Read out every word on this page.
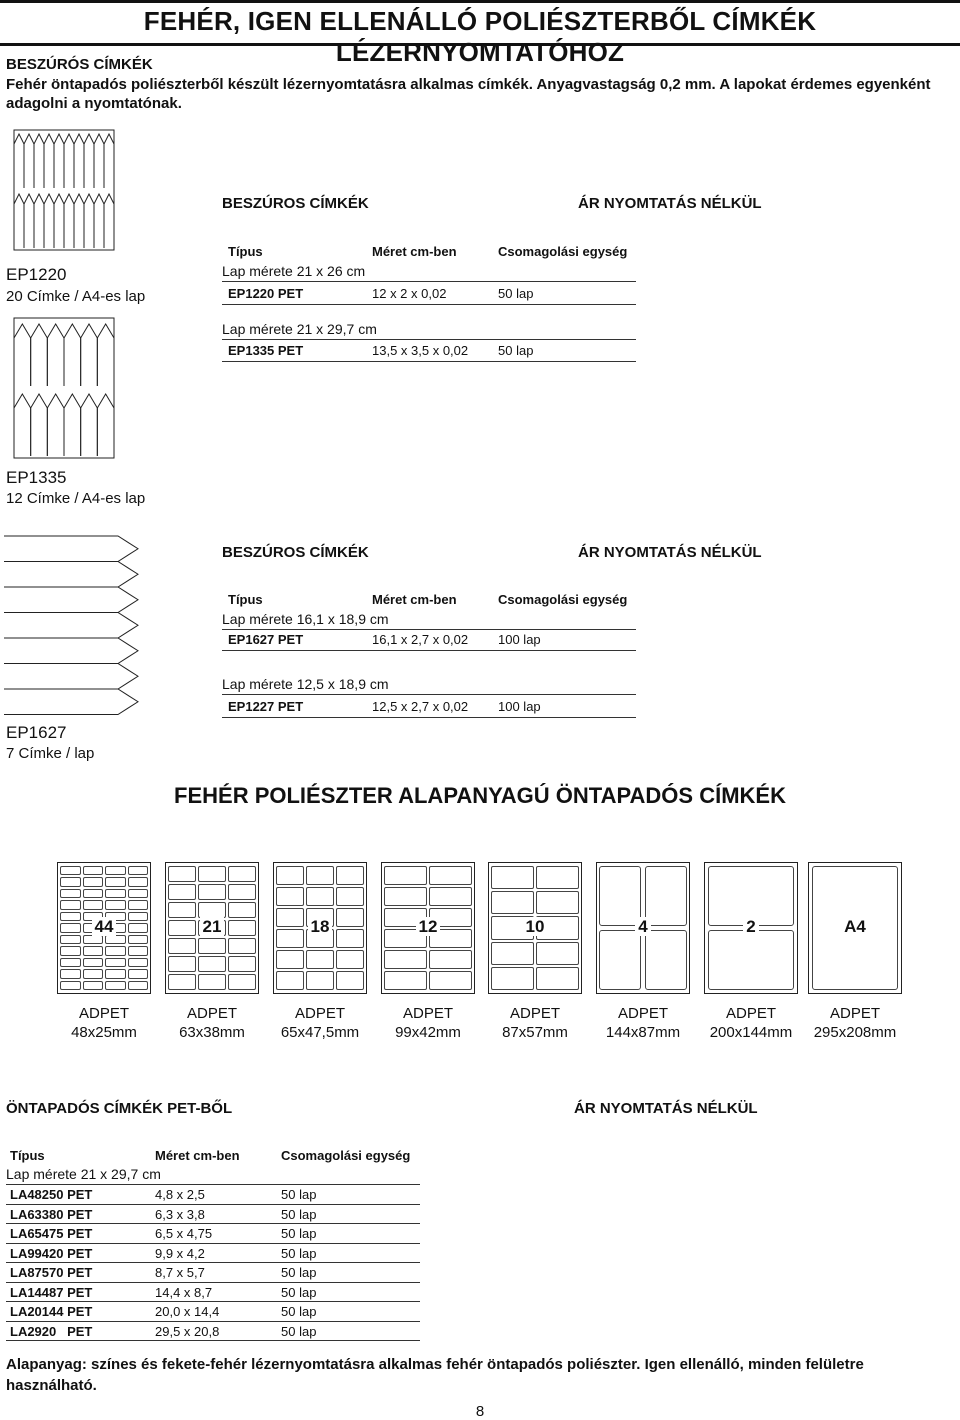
FEHÉR, IGEN ELLENÁLLÓ POLIÉSZTERBŐL CÍMKÉK LÉZERNYOMTATÓHOZ
BESZÚRÓS CÍMKÉK
Fehér öntapadós poliészterből készült lézernyomtatásra alkalmas címkék. Anyagvastagság 0,2 mm. A lapokat érdemes egyenként adagolni a nyomtatónak.
EP1220
20 Címke / A4-es lap
EP1335
12 Címke / A4-es lap
BESZÚROS CÍMKÉK	ÁR NYOMTATÁS NÉLKÜL
Típus	Méret cm-ben	Csomagolási egység
Lap mérete 21 x 26 cm
EP1220 PET	12 x 2 x 0,02	50 lap
Lap mérete 21 x 29,7 cm
EP1335 PET	13,5 x 3,5 x 0,02 50 lap
EP1627
7 Címke / lap
BESZÚROS CÍMKÉK	ÁR NYOMTATÁS NÉLKÜL
Típus	Méret cm-ben	Csomagolási egység
Lap mérete 16,1 x 18,9 cm
EP1627 PET	16,1 x 2,7 x 0,02 100 lap
Lap mérete 12,5 x 18,9 cm
EP1227 PET	12,5 x 2,7 x 0,02 100 lap
FEHÉR POLIÉSZTER ALAPANYAGÚ ÖNTAPADÓS CÍMKÉK
44
ADPET
48x25mm
21
ADPET
63x38mm
18
ADPET
65x47,5mm
12
ADPET
99x42mm
10
ADPET
87x57mm
4
ADPET
144x87mm
2
ADPET
200x144mm
A4
ADPET
295x208mm
ÖNTAPADÓS CÍMKÉK PET-BŐL	ÁR NYOMTATÁS NÉLKÜL
Típus	Méret cm-ben	Csomagolási egység
Lap mérete 21 x 29,7 cm
LA48250 PET	4,8 x 2,5	50 lap
LA63380 PET	6,3 x 3,8	50 lap
LA65475 PET	6,5 x 4,75	50 lap
LA99420 PET	9,9 x 4,2	50 lap
LA87570 PET	8,7 x 5,7	50 lap
LA14487 PET	14,4 x 8,7	50 lap
LA20144 PET	20,0 x 14,4	50 lap
LA2920   PET	29,5 x 20,8	50 lap
Alapanyag: színes és fekete-fehér lézernyomtatásra alkalmas fehér öntapadós poliészter. Igen ellenálló, minden felületre használható.
8
